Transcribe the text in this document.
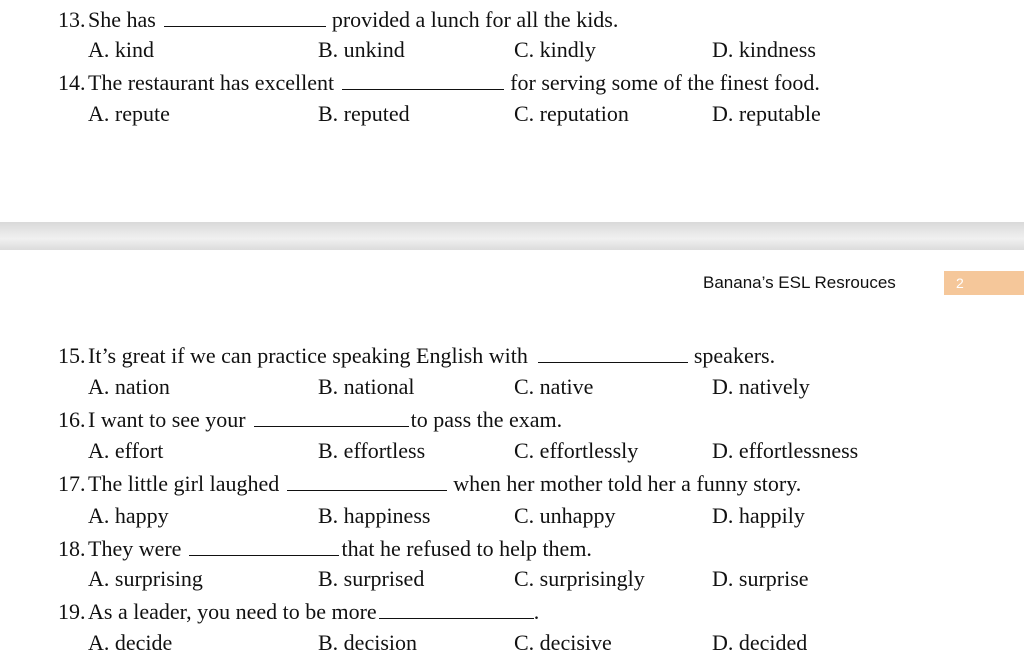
Banana’s ESL Resrouces	2
13. She has	provided a lunch for all the kids.
A. kind	B. unkind	C. kindly	D. kindness
14. The restaurant has excellent	for serving some of the finest food.
A. repute	B. reputed	C. reputation	D. reputable
15. It’s great if we can practice speaking English with	speakers.
A. nation	B. national	C. native	D. natively
16. I want to see your	to pass the exam.
A. effort	B. effortless	C. effortlessly	D. effortlessness
17. The little girl laughed	when her mother told her a funny story.
A. happy	B. happiness	C. unhappy	D. happily
18. They were	that he refused to help them.
A. surprising	B. surprised	C. surprisingly	D. surprise
19. As a leader, you need to be more	.
A. decide	B. decision	C. decisive	D. decided
